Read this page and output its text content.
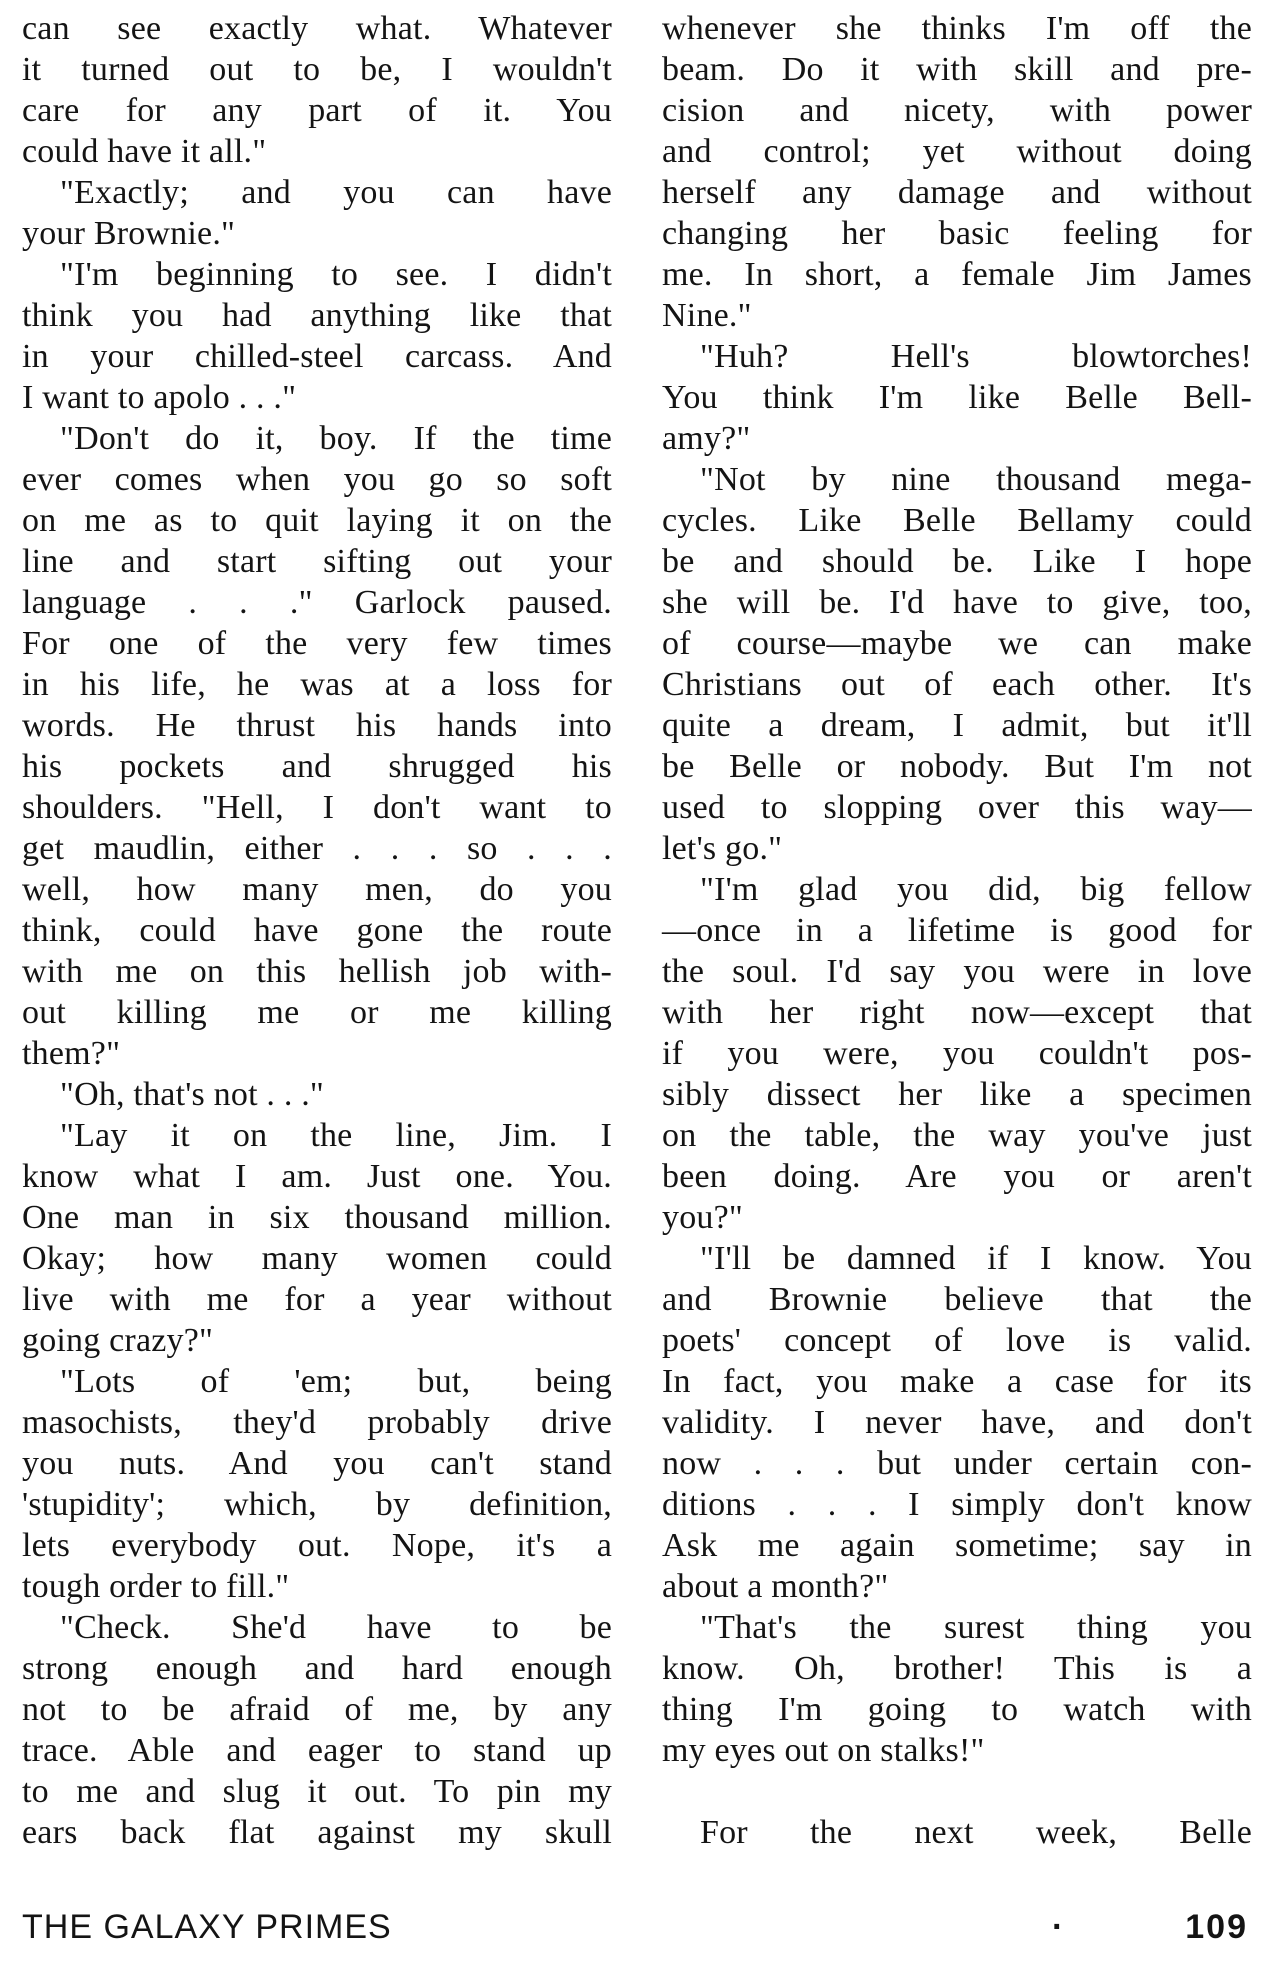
can see exactly what. Whatever
it turned out to be, I wouldn't
care for any part of it. You
could have it all."
"Exactly; and you can have
your Brownie."
"I'm beginning to see. I didn't
think you had anything like that
in your chilled-steel carcass. And
I want to apolo . . ."
"Don't do it, boy. If the time
ever comes when you go so soft
on me as to quit laying it on the
line and start sifting out your
language . . ." Garlock paused.
For one of the very few times
in his life, he was at a loss for
words. He thrust his hands into
his pockets and shrugged his
shoulders. "Hell, I don't want to
get maudlin, either . . . so . . .
well, how many men, do you
think, could have gone the route
with me on this hellish job with-
out killing me or me killing
them?"
"Oh, that's not . . ."
"Lay it on the line, Jim. I
know what I am. Just one. You.
One man in six thousand million.
Okay; how many women could
live with me for a year without
going crazy?"
"Lots of 'em; but, being
masochists, they'd probably drive
you nuts. And you can't stand
'stupidity'; which, by definition,
lets everybody out. Nope, it's a
tough order to fill."
"Check. She'd have to be
strong enough and hard enough
not to be afraid of me, by any
trace. Able and eager to stand up
to me and slug it out. To pin my
ears back flat against my skull
whenever she thinks I'm off the
beam. Do it with skill and pre-
cision and nicety, with power
and control; yet without doing
herself any damage and without
changing her basic feeling for
me. In short, a female Jim James
Nine."
"Huh? Hell's blowtorches!
You think I'm like Belle Bell-
amy?"
"Not by nine thousand mega-
cycles. Like Belle Bellamy could
be and should be. Like I hope
she will be. I'd have to give, too,
of course—maybe we can make
Christians out of each other. It's
quite a dream, I admit, but it'll
be Belle or nobody. But I'm not
used to slopping over this way—
let's go."
"I'm glad you did, big fellow
—once in a lifetime is good for
the soul. I'd say you were in love
with her right now—except that
if you were, you couldn't pos-
sibly dissect her like a specimen
on the table, the way you've just
been doing. Are you or aren't
you?"
"I'll be damned if I know. You
and Brownie believe that the
poets' concept of love is valid.
In fact, you make a case for its
validity. I never have, and don't
now . . . but under certain con-
ditions . . . I simply don't know
Ask me again sometime; say in
about a month?"
"That's the surest thing you
know. Oh, brother! This is a
thing I'm going to watch with
my eyes out on stalks!"
For the next week, Belle
THE GALAXY PRIMES	·	109
